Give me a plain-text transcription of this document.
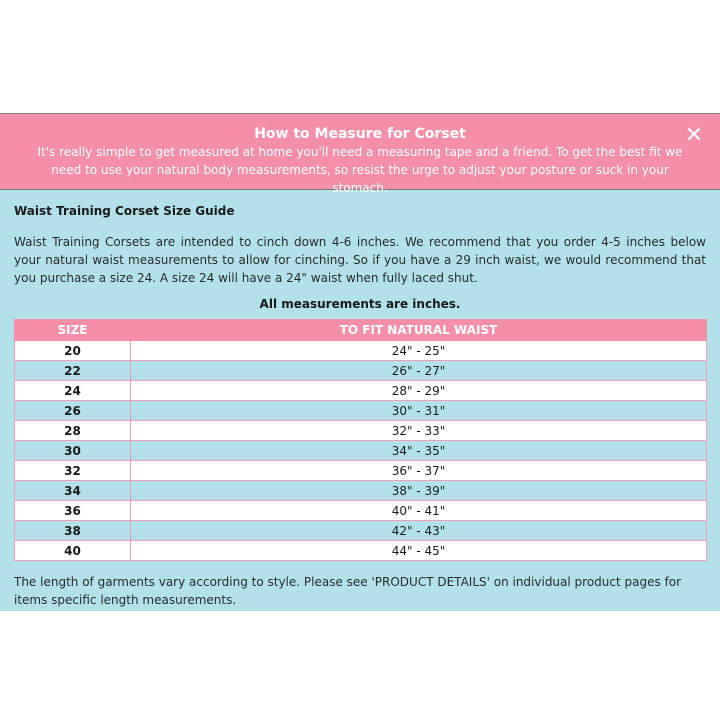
How to Measure for Corset
It's really simple to get measured at home you'll need a measuring tape and a friend. To get the best fit we need to use your natural body measurements, so resist the urge to adjust your posture or suck in your stomach.
✕
Waist Training Corset Size Guide
Waist Training Corsets are intended to cinch down 4-6 inches. We recommend that you order 4-5 inches below your natural waist measurements to allow for cinching. So if you have a 29 inch waist, we would recommend that you purchase a size 24. A size 24 will have a 24" waist when fully laced shut.
All measurements are inches.
SIZE	TO FIT NATURAL WAIST
20	24" - 25"
22	26" - 27"
24	28" - 29"
26	30" - 31"
28	32" - 33"
30	34" - 35"
32	36" - 37"
34	38" - 39"
36	40" - 41"
38	42" - 43"
40	44" - 45"
The length of garments vary according to style. Please see 'PRODUCT DETAILS' on individual product pages for items specific length measurements.
